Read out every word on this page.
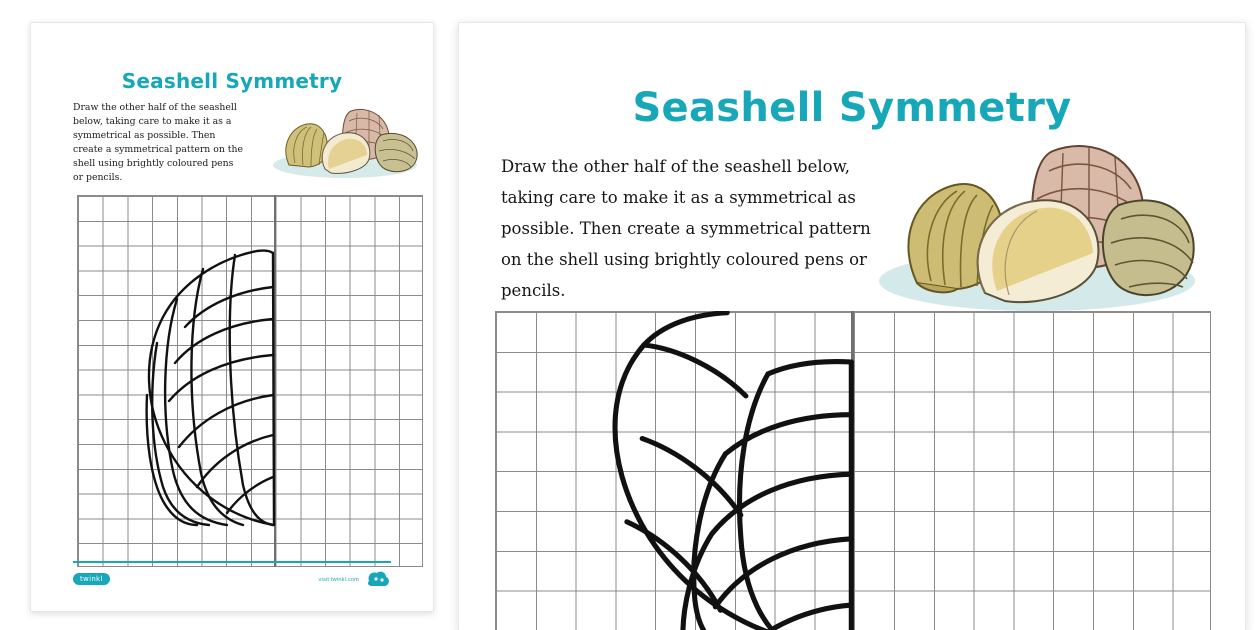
Seashell Symmetry
Draw the other half of the seashell below, taking care to make it as a symmetrical as possible. Then create a symmetrical pattern on the shell using brightly coloured pens or pencils.
twinkl	visit twinkl.com
Seashell Symmetry
Draw the other half of the seashell below, taking care to make it as a symmetrical as possible. Then create a symmetrical pattern on the shell using brightly coloured pens or pencils.
